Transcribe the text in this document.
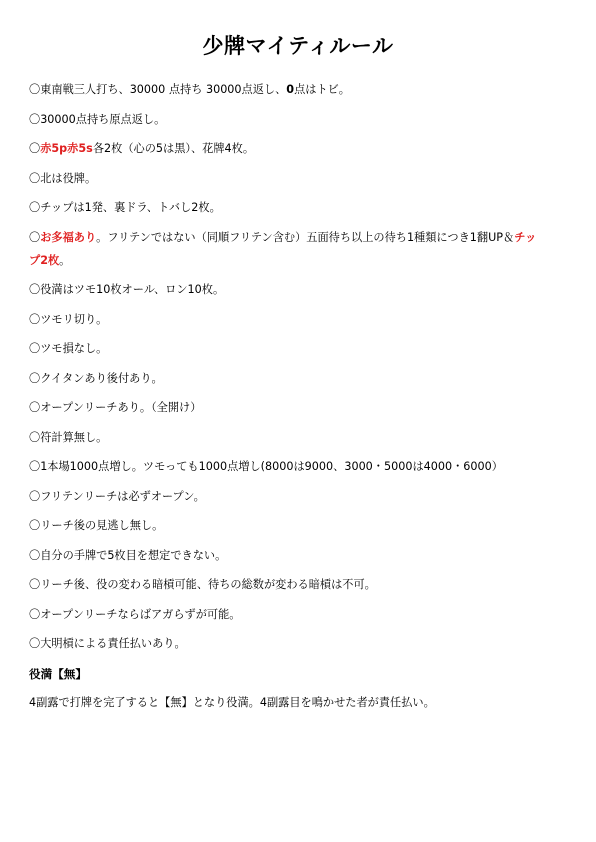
少牌マイティルール
〇東南戦三人打ち、30000 点持ち 30000点返し、0点はトビ。
〇30000点持ち原点返し。
〇赤5p赤5s各2枚（心の5は黒）、花牌4枚。
〇北は役牌。
〇チップは1発、裏ドラ、トバし2枚。
〇お多福あり。フリテンではない（同順フリテン含む）五面待ち以上の待ち1種類につき1翻UP＆チッ
プ2枚。
〇役満はツモ10枚オール、ロン10枚。
〇ツモリ切り。
〇ツモ損なし。
〇クイタンあり後付あり。
〇オープンリーチあり。（全開け）
〇符計算無し。
〇1本場1000点増し。ツモっても1000点増し(8000は9000、3000・5000は4000・6000）
〇フリテンリーチは必ずオープン。
〇リーチ後の見逃し無し。
〇自分の手牌で5枚目を想定できない。
〇リーチ後、役の変わる暗槓可能、待ちの総数が変わる暗槓は不可。
〇オープンリーチならばアガらずが可能。
〇大明槓による責任払いあり。
役満【無】
4副露で打牌を完了すると【無】となり役満。4副露目を鳴かせた者が責任払い。
